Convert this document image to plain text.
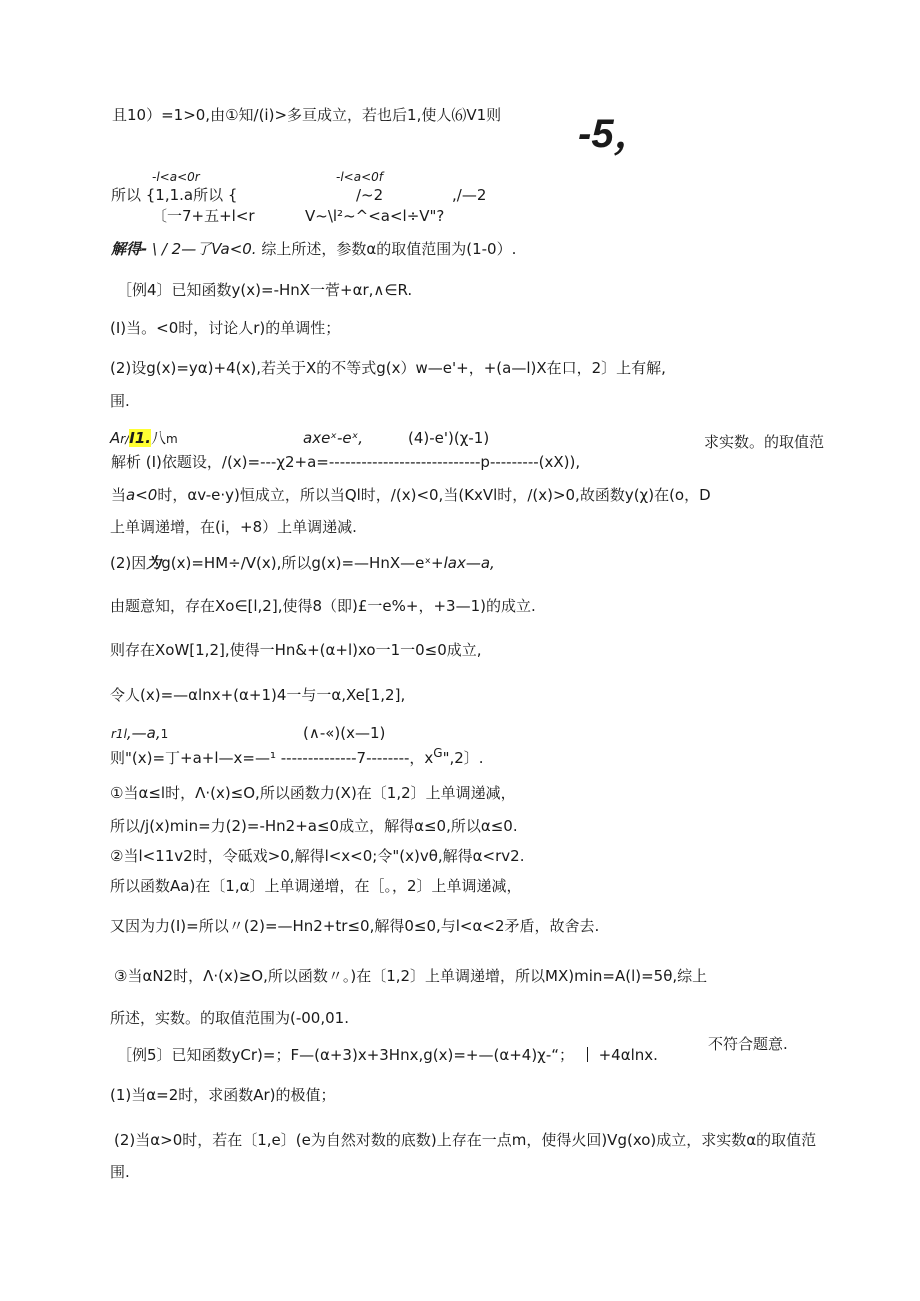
且10）=1>0,由①知/(i)>多亘成立，若也后1,使人⑹V1则 -5，
-l<a<0r	-l<a<0f
所以 {1,1.a所以 {	/~2	,/—2
〔一7+五+l<r	V~\l²~^<a<l÷V"?
解得- \ / 2—了Va<0. 综上所述，参数α的取值范围为(1-0）.
［例4〕已知函数y(x)=-HnX一菅+αr,∧∈R.
(I)当。<0时，讨论人r)的单调性；
(2)设g(x)=yα)+4(x),若关于X的不等式g(x）w—e'+，+(a—l)X在口，2〕上有解,
围.
Ar/I1.八m	axeˣ-eˣ,	(4)-e')(χ-1)	求实数。的取值范
解析 (I)依题设，/(x)=---χ2+a=----------------------------p---------(xX)),
当a<0时，αv-e·y)恒成立，所以当Ql时，/(x)<0,当(KxVl时，/(x)>0,故函数y(χ)在(o，D
上单调递增，在(i，+8）上单调递减.
(2)因为g(x)=HM÷/V(x),所以g(x)=—HnX—eˣ+lax—a,
由题意知，存在Xo∈[l,2],使得8（即)£一e%+，+3—1)的成立.
则存在XoW[1,2],使得一Hn&+(α+l)xo一1一0≤0成立,
令人(x)=—αlnx+(α+1)4一与一α,Xe[1,2],
r1l,—a,1	(∧-«)(x—1)
则"(x)=丁+a+l—x=—¹ --------------7--------，$x^G",2$〕.
①当α≤l时，Λ·(x)≤O,所以函数力(X)在〔1,2〕上单调递减，
所以/j(x)min=力(2)=-Hn2+a≤0成立，解得α≤0,所以α≤0.
②当l<11v2时，令砥戏>0,解得l<x<0;令"(x)vθ,解得α<rv2.
所以函数Aa)在〔1,α〕上单调递增，在［。，2〕上单调递减，
又因为力(I)=所以〃(2)=—Hn2+tr≤0,解得0≤0,与l<α<2矛盾，故舍去.
③当αN2时，Λ·(x)≥O,所以函数〃。)在〔1,2〕上单调递增，所以MX)min=A(l)=5θ,综上
所述，实数。的取值范围为(-00,01.
不符合题意.
［例5〕已知函数yCr)=；F—(α+3)x+3Hnx,g(x)=+—(α+4)χ-“； +4αlnx.
(1)当α=2时，求函数Ar)的极值；
(2)当α>0时，若在〔1,e〕(e为自然对数的底数)上存在一点m，使得火回)Vg(xo)成立，求实数α的取值范
围.
